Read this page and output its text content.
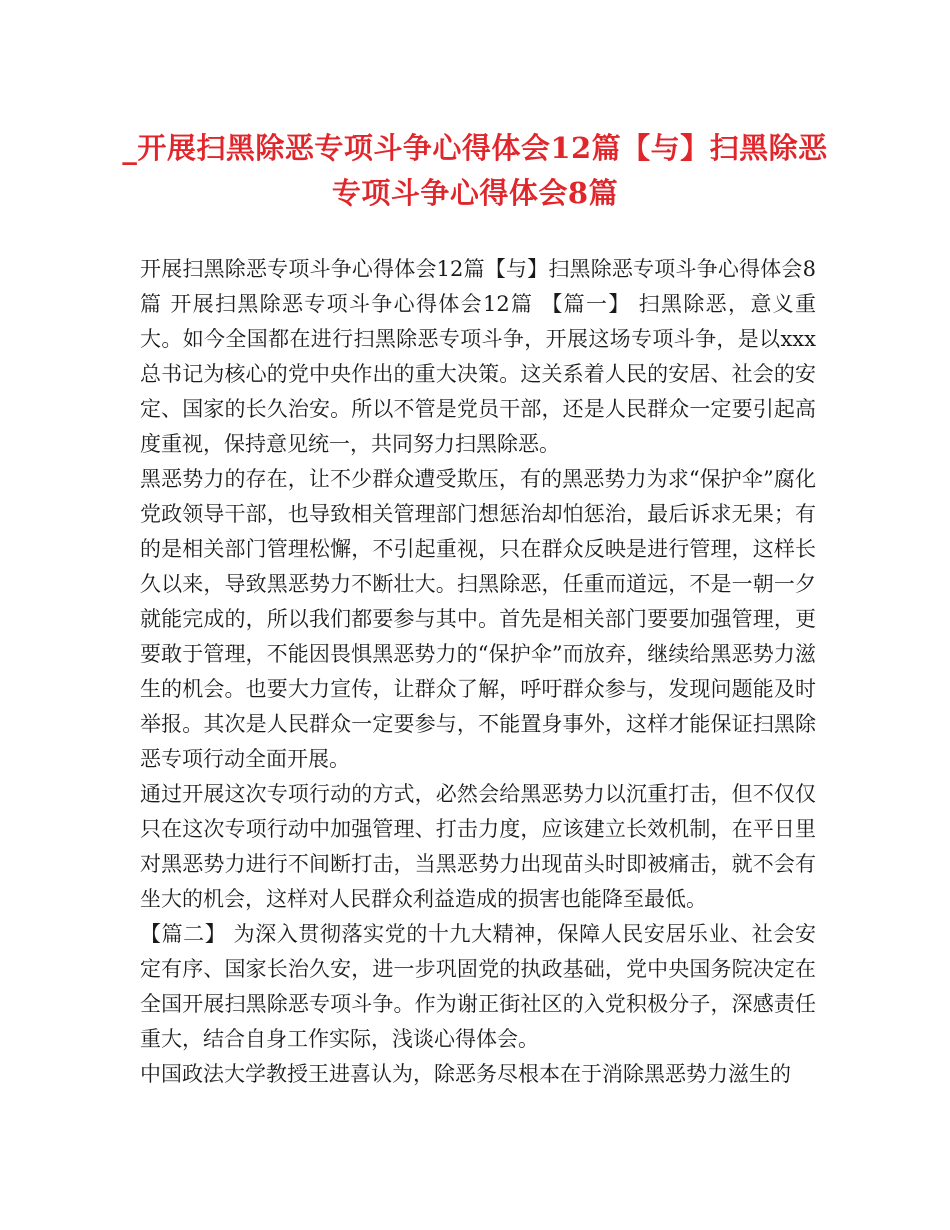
_开展扫黑除恶专项斗争心得体会12篇【与】扫黑除恶专项斗争心得体会8篇

开展扫黑除恶专项斗争心得体会12篇【与】扫黑除恶专项斗争心得体会8篇 开展扫黑除恶专项斗争心得体会12篇 【篇一】 扫黑除恶，意义重大。如今全国都在进行扫黑除恶专项斗争，开展这场专项斗争，是以xxx总书记为核心的党中央作出的重大决策。这关系着人民的安居、社会的安定、国家的长久治安。所以不管是党员干部，还是人民群众一定要引起高度重视，保持意见统一，共同努力扫黑除恶。

黑恶势力的存在，让不少群众遭受欺压，有的黑恶势力为求“保护伞”腐化党政领导干部，也导致相关管理部门想惩治却怕惩治，最后诉求无果；有的是相关部门管理松懈，不引起重视，只在群众反映是进行管理，这样长久以来，导致黑恶势力不断壮大。扫黑除恶，任重而道远，不是一朝一夕就能完成的，所以我们都要参与其中。首先是相关部门要要加强管理，更要敢于管理，不能因畏惧黑恶势力的“保护伞”而放弃，继续给黑恶势力滋生的机会。也要大力宣传，让群众了解，呼吁群众参与，发现问题能及时举报。其次是人民群众一定要参与，不能置身事外，这样才能保证扫黑除恶专项行动全面开展。

通过开展这次专项行动的方式，必然会给黑恶势力以沉重打击，但不仅仅只在这次专项行动中加强管理、打击力度，应该建立长效机制，在平日里对黑恶势力进行不间断打击，当黑恶势力出现苗头时即被痛击，就不会有坐大的机会，这样对人民群众利益造成的损害也能降至最低。

【篇二】 为深入贯彻落实党的十九大精神，保障人民安居乐业、社会安定有序、国家长治久安，进一步巩固党的执政基础，党中央国务院决定在全国开展扫黑除恶专项斗争。作为谢正街社区的入党积极分子，深感责任重大，结合自身工作实际，浅谈心得体会。

中国政法大学教授王进喜认为，除恶务尽根本在于消除黑恶势力滋生的
